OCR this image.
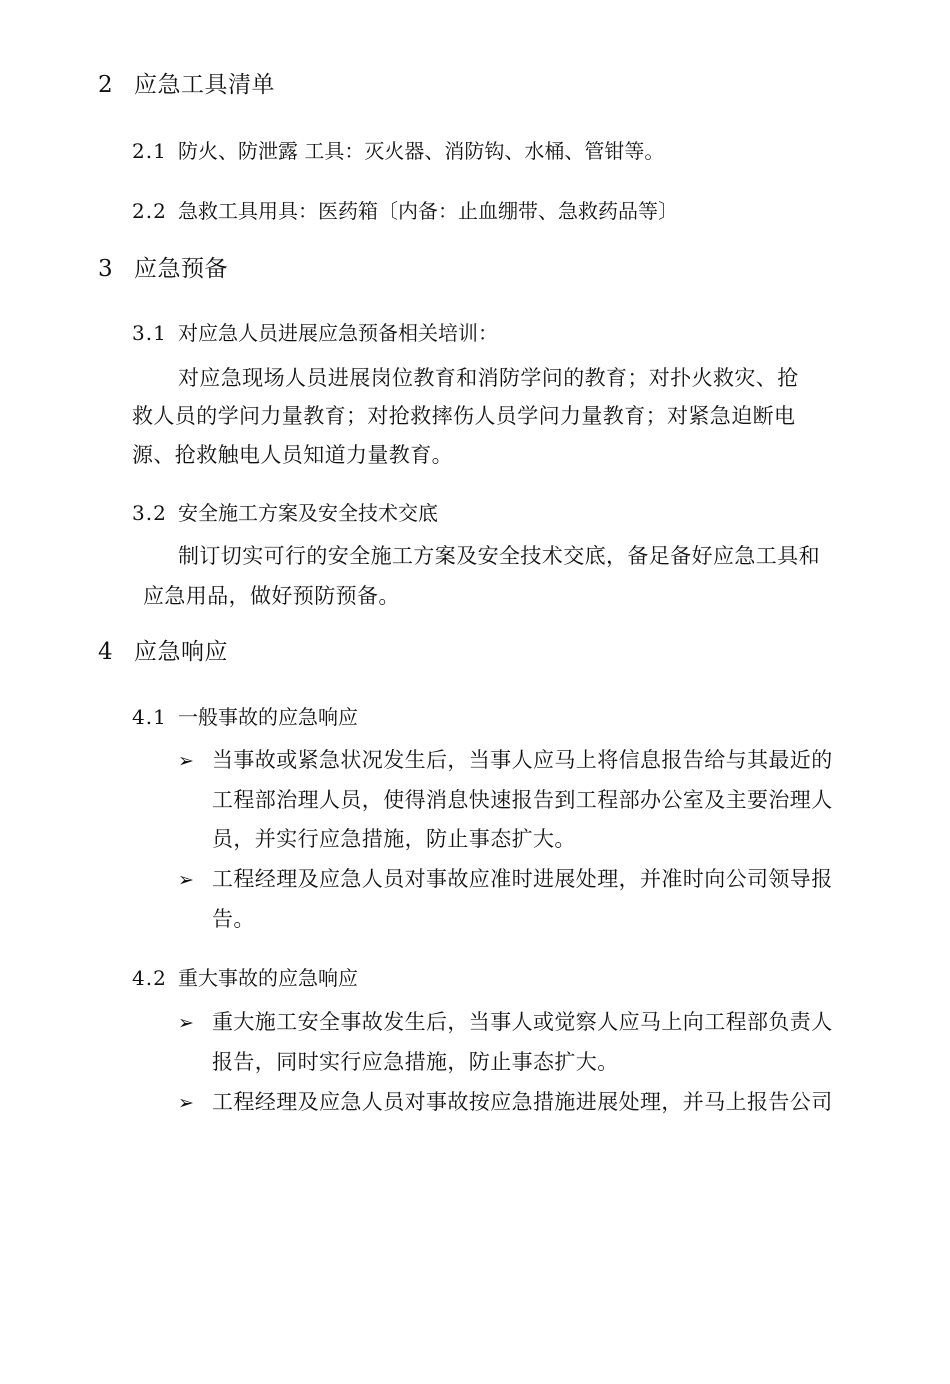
2 应急工具清单
2.1 防火、防泄露 工具：灭火器、消防钩、水桶、管钳等。
2.2 急救工具用具：医药箱〔内备：止血绷带、急救药品等〕
3 应急预备
3.1 对应急人员进展应急预备相关培训：
对应急现场人员进展岗位教育和消防学问的教育；对扑火救灾、抢
救人员的学问力量教育；对抢救摔伤人员学问力量教育；对紧急迫断电
源、抢救触电人员知道力量教育。
3.2 安全施工方案及安全技术交底
制订切实可行的安全施工方案及安全技术交底，备足备好应急工具和
应急用品，做好预防预备。
4 应急响应
4.1 一般事故的应急响应
➢ 当事故或紧急状况发生后，当事人应马上将信息报告给与其最近的
工程部治理人员，使得消息快速报告到工程部办公室及主要治理人
员，并实行应急措施，防止事态扩大。
➢ 工程经理及应急人员对事故应准时进展处理，并准时向公司领导报
告。
4.2 重大事故的应急响应
➢ 重大施工安全事故发生后，当事人或觉察人应马上向工程部负责人
报告，同时实行应急措施，防止事态扩大。
➢ 工程经理及应急人员对事故按应急措施进展处理，并马上报告公司
